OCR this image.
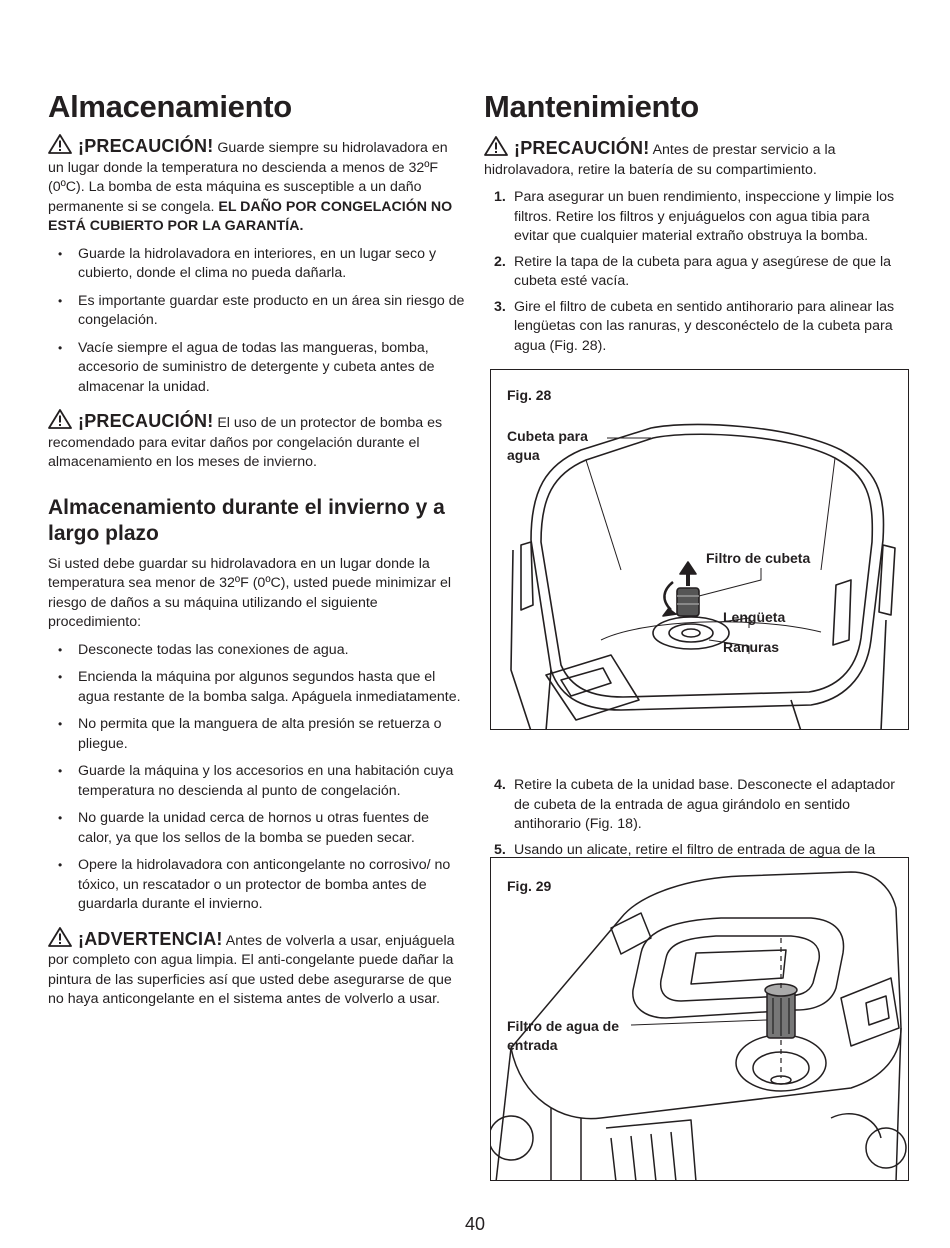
Almacenamiento

¡PRECAUCIÓN! Guarde siempre su hidrolavadora en un lugar donde la temperatura no descienda a menos de 32ºF (0ºC). La bomba de esta máquina es susceptible a un daño permanente si se congela. EL DAÑO POR CONGELACIÓN NO ESTÁ CUBIERTO POR LA GARANTÍA.

• Guarde la hidrolavadora en interiores, en un lugar seco y cubierto, donde el clima no pueda dañarla.
• Es importante guardar este producto en un área sin riesgo de congelación.
• Vacíe siempre el agua de todas las mangueras, bomba, accesorio de suministro de detergente y cubeta antes de almacenar la unidad.

¡PRECAUCIÓN! El uso de un protector de bomba es recomendado para evitar daños por congelación durante el almacenamiento en los meses de invierno.

Almacenamiento durante el invierno y a largo plazo

Si usted debe guardar su hidrolavadora en un lugar donde la temperatura sea menor de 32ºF (0ºC), usted puede minimizar el riesgo de daños a su máquina utilizando el siguiente procedimiento:

• Desconecte todas las conexiones de agua.
• Encienda la máquina por algunos segundos hasta que el agua restante de la bomba salga. Apáguela inmediatamente.
• No permita que la manguera de alta presión se retuerza o pliegue.
• Guarde la máquina y los accesorios en una habitación cuya temperatura no descienda al punto de congelación.
• No guarde la unidad cerca de hornos u otras fuentes de calor, ya que los sellos de la bomba se pueden secar.
• Opere la hidrolavadora con anticongelante no corrosivo/ no tóxico, un rescatador o un protector de bomba antes de guardarla durante el invierno.

¡ADVERTENCIA! Antes de volverla a usar, enjuáguela por completo con agua limpia. El anti-congelante puede dañar la pintura de las superficies así que usted debe asegurarse de que no haya anticongelante en el sistema antes de volverlo a usar.

Mantenimiento

¡PRECAUCIÓN! Antes de prestar servicio a la hidrolavadora, retire la batería de su compartimiento.

1. Para asegurar un buen rendimiento, inspeccione y limpie los filtros. Retire los filtros y enjuáguelos con agua tibia para evitar que cualquier material extraño obstruya la bomba.
2. Retire la tapa de la cubeta para agua y asegúrese de que la cubeta esté vacía.
3. Gire el filtro de cubeta en sentido antihorario para alinear las lengüetas con las ranuras, y desconéctelo de la cubeta para agua (Fig. 28).
Fig. 28
Cubeta para agua
Filtro de cubeta
Lengüeta
Ranuras
4. Retire la cubeta de la unidad base. Desconecte el adaptador de cubeta de la entrada de agua girándolo en sentido antihorario (Fig. 18).
5. Usando un alicate, retire el filtro de entrada de agua de la
Fig. 29
Filtro de agua de entrada
40
